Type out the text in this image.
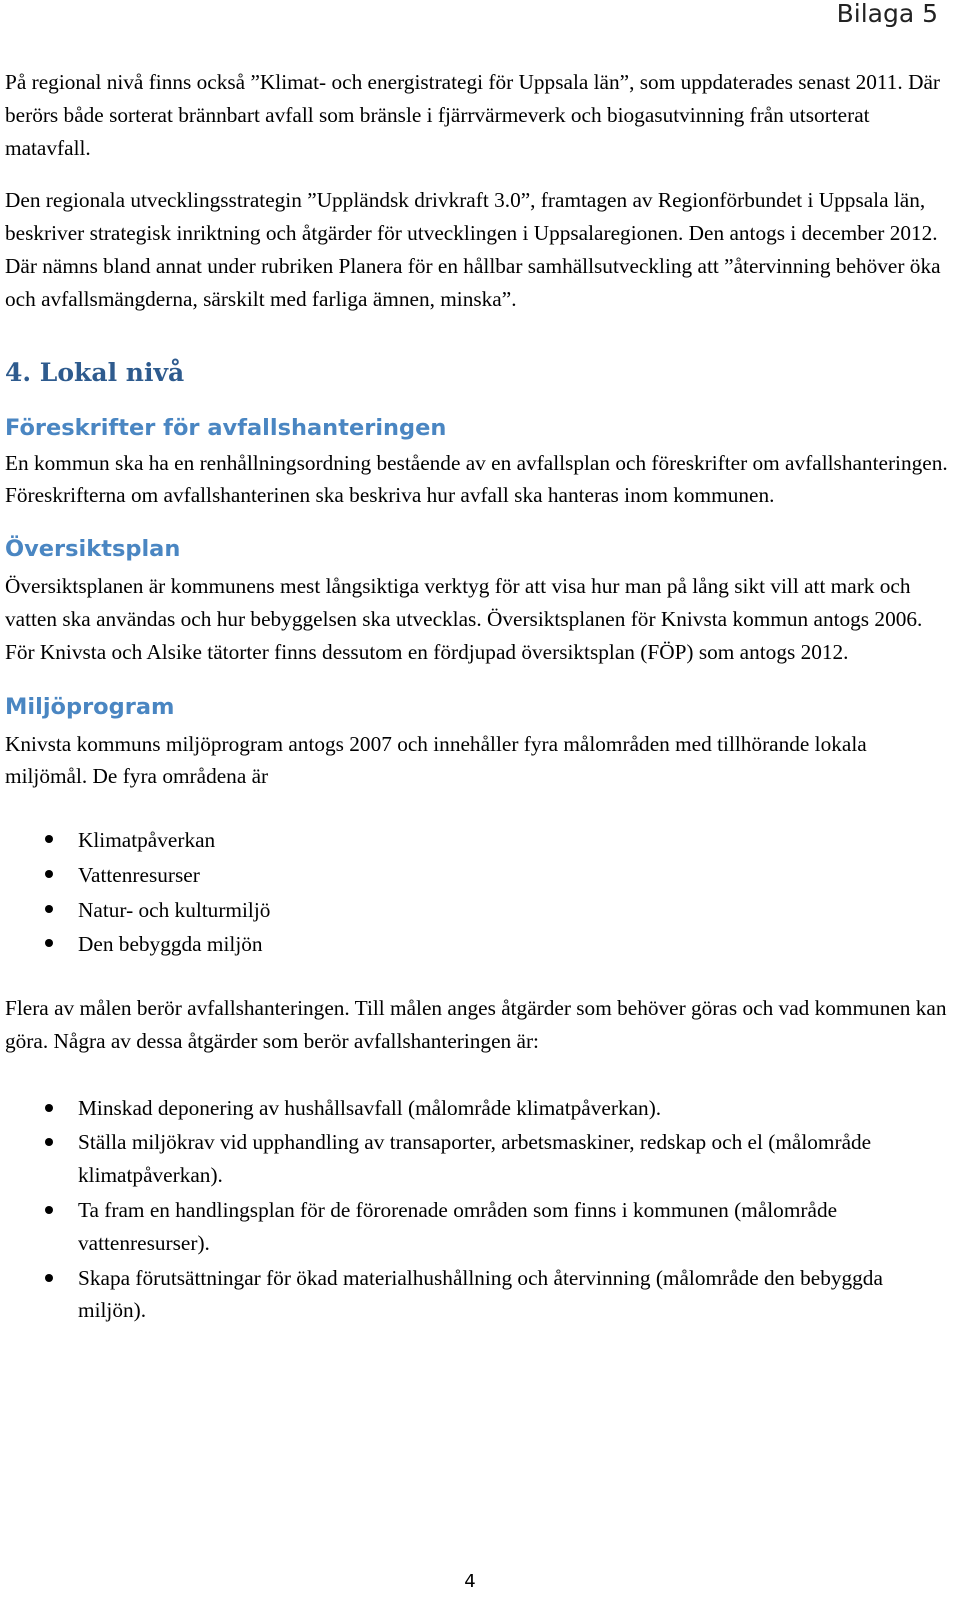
Bilaga 5

På regional nivå finns också ”Klimat- och energistrategi för Uppsala län”, som uppdaterades senast 2011. Där berörs både sorterat brännbart avfall som bränsle i fjärrvärmeverk och biogasutvinning från utsorterat matavfall.

Den regionala utvecklingsstrategin ”Uppländsk drivkraft 3.0”, framtagen av Regionförbundet i Uppsala län, beskriver strategisk inriktning och åtgärder för utvecklingen i Uppsalaregionen. Den antogs i december 2012. Där nämns bland annat under rubriken Planera för en hållbar samhällsutveckling att ”återvinning behöver öka och avfallsmängderna, särskilt med farliga ämnen, minska”.

4. Lokal nivå
Föreskrifter för avfallshanteringen

En kommun ska ha en renhållningsordning bestående av en avfallsplan och föreskrifter om avfallshanteringen. Föreskrifterna om avfallshanterinen ska beskriva hur avfall ska hanteras inom kommunen.

Översiktsplan

Översiktsplanen är kommunens mest långsiktiga verktyg för att visa hur man på lång sikt vill att mark och vatten ska användas och hur bebyggelsen ska utvecklas. Översiktsplanen för Knivsta kommun antogs 2006. För Knivsta och Alsike tätorter finns dessutom en fördjupad översiktsplan (FÖP) som antogs 2012.

Miljöprogram

Knivsta kommuns miljöprogram antogs 2007 och innehåller fyra målområden med tillhörande lokala miljömål. De fyra områdena är

Klimatpåverkan
Vattenresurser
Natur- och kulturmiljö
Den bebyggda miljön

Flera av målen berör avfallshanteringen. Till målen anges åtgärder som behöver göras och vad kommunen kan göra. Några av dessa åtgärder som berör avfallshanteringen är:

Minskad deponering av hushållsavfall (målområde klimatpåverkan).
Ställa miljökrav vid upphandling av transaporter, arbetsmaskiner, redskap och el (målområde klimatpåverkan).
Ta fram en handlingsplan för de förorenade områden som finns i kommunen (målområde vattenresurser).
Skapa förutsättningar för ökad materialhushållning och återvinning (målområde den bebyggda miljön).
4
